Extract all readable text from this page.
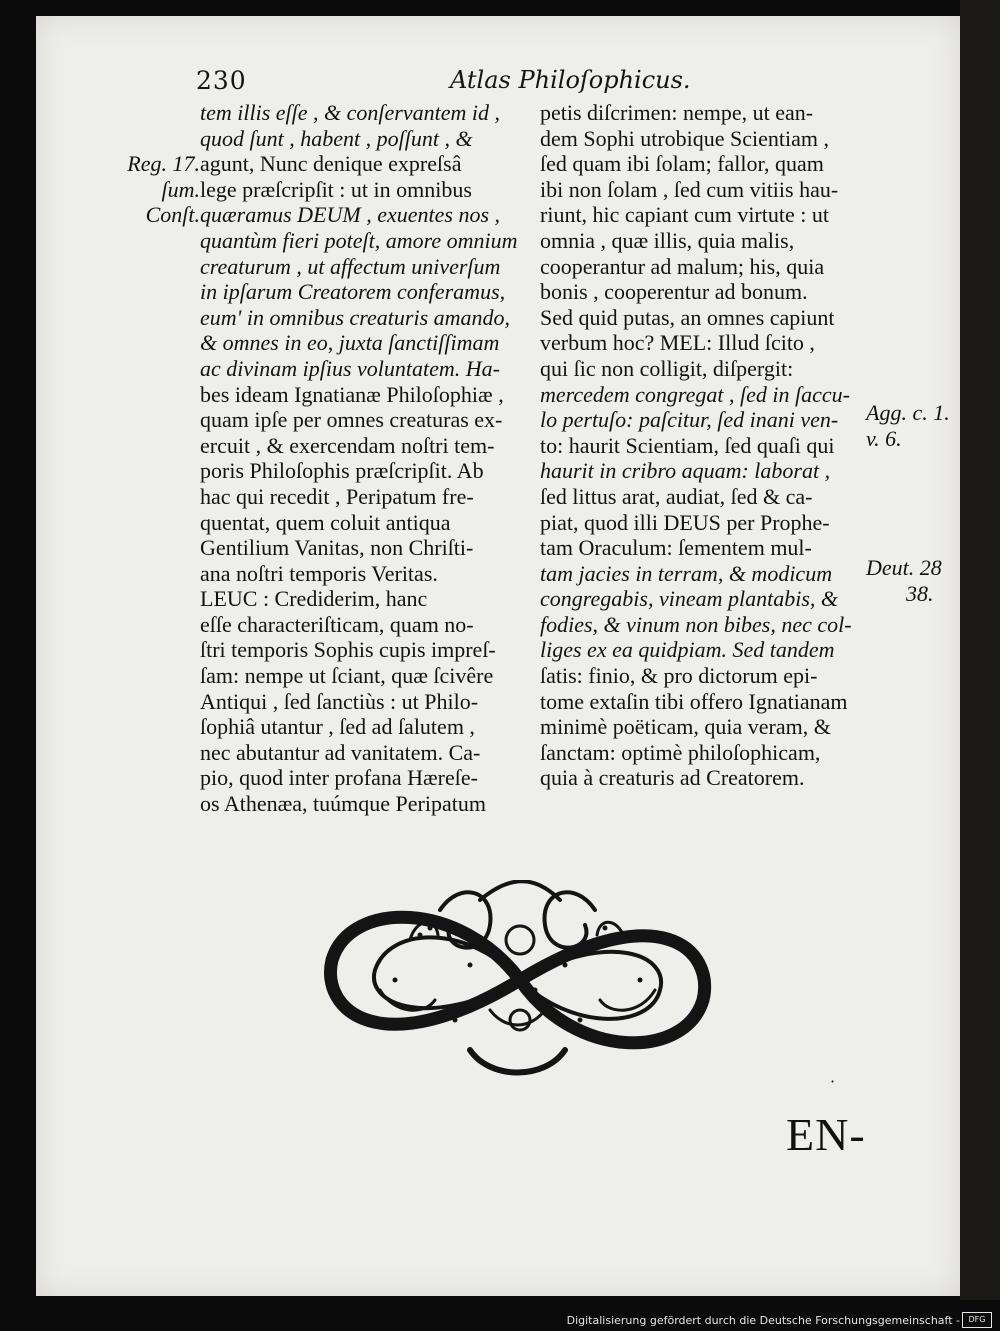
230	Atlas Philoſophicus.
tem illis eſſe , & conſervantem id ,
quod ſunt , habent , poſſunt , &
agunt, Nunc denique expreſsâ
lege præſcripſit : ut in omnibus
quæramus DEUM , exuentes nos ,
quantùm fieri poteſt, amore omnium
creaturum , ut affectum univerſum
in ipſarum Creatorem conferamus,
eum' in omnibus creaturis amando,
& omnes in eo, juxta ſanctiſſimam
ac divinam ipſius voluntatem. Ha-
bes ideam Ignatianæ Philoſophiæ ,
quam ipſe per omnes creaturas ex-
ercuit , & exercendam noſtri tem-
poris Philoſophis præſcripſit. Ab
hac qui recedit , Peripatum fre-
quentat, quem coluit antiqua
Gentilium Vanitas, non Chriſti-
ana noſtri temporis Veritas.
LEUC : Crediderim, hanc
eſſe characteriſticam, quam no-
ſtri temporis Sophis cupis impreſ-
ſam: nempe ut ſciant, quæ ſcivêre
Antiqui , ſed ſanctiùs : ut Philo-
ſophiâ utantur , ſed ad ſalutem ,
nec abutantur ad vanitatem. Ca-
pio, quod inter profana Hæreſe-
os Athenæa, tuúmque Peripatum
petis diſcrimen: nempe, ut ean-
dem Sophi utrobique Scientiam ,
ſed quam ibi ſolam; fallor, quam
ibi non ſolam , ſed cum vitiis hau-
riunt, hic capiant cum virtute : ut
omnia , quæ illis, quia malis,
cooperantur ad malum; his, quia
bonis , cooperentur ad bonum.
Sed quid putas, an omnes capiunt
verbum hoc? MEL: Illud ſcito ,
qui ſic non colligit, diſpergit:
mercedem congregat , ſed in ſaccu-
lo pertuſo: paſcitur, ſed inani ven-
to: haurit Scientiam, ſed quaſi qui
haurit in cribro aquam: laborat ,
ſed littus arat, audiat, ſed & ca-
piat, quod illi DEUS per Prophe-
tam Oraculum: ſementem mul-
tam jacies in terram, & modicum
congregabis, vineam plantabis, &
fodies, & vinum non bibes, nec col-
liges ex ea quidpiam. Sed tandem
ſatis: finio, & pro dictorum epi-
tome extaſin tibi offero Ignatianam
minimè poëticam, quia veram, &
ſanctam: optimè philoſophicam,
quia à creaturis ad Creatorem.
Reg. 17.
ſum.
Conſt.
Agg. c. 1.
v. 6.
Deut. 28
38.
·
EN-
Digitalisierung gefördert durch die Deutsche Forschungsgemeinschaft -	DFG
